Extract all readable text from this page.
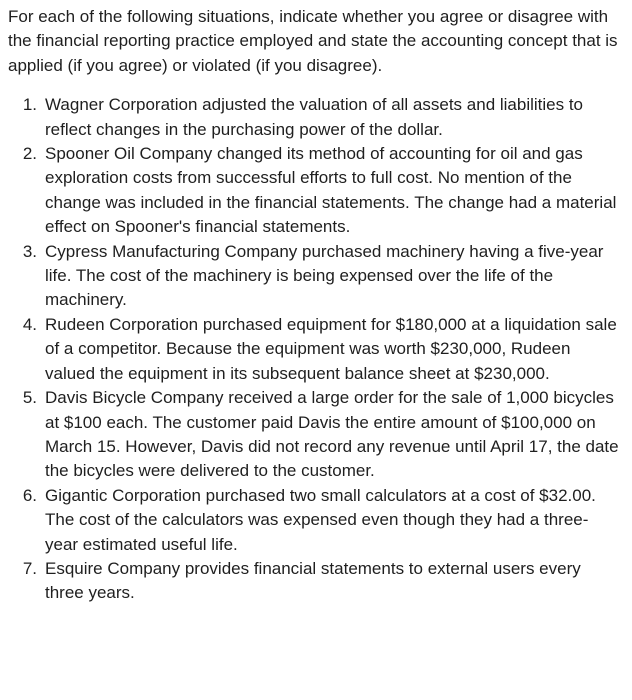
For each of the following situations, indicate whether you agree or disagree with the financial reporting practice employed and state the accounting concept that is applied (if you agree) or violated (if you disagree).

1. Wagner Corporation adjusted the valuation of all assets and liabilities to reflect changes in the purchasing power of the dollar.
2. Spooner Oil Company changed its method of accounting for oil and gas exploration costs from successful efforts to full cost. No mention of the change was included in the financial statements. The change had a material effect on Spooner's financial statements.
3. Cypress Manufacturing Company purchased machinery having a five-year life. The cost of the machinery is being expensed over the life of the machinery.
4. Rudeen Corporation purchased equipment for $180,000 at a liquidation sale of a competitor. Because the equipment was worth $230,000, Rudeen valued the equipment in its subsequent balance sheet at $230,000.
5. Davis Bicycle Company received a large order for the sale of 1,000 bicycles at $100 each. The customer paid Davis the entire amount of $100,000 on March 15. However, Davis did not record any revenue until April 17, the date the bicycles were delivered to the customer.
6. Gigantic Corporation purchased two small calculators at a cost of $32.00. The cost of the calculators was expensed even though they had a three-year estimated useful life.
7. Esquire Company provides financial statements to external users every three years.
